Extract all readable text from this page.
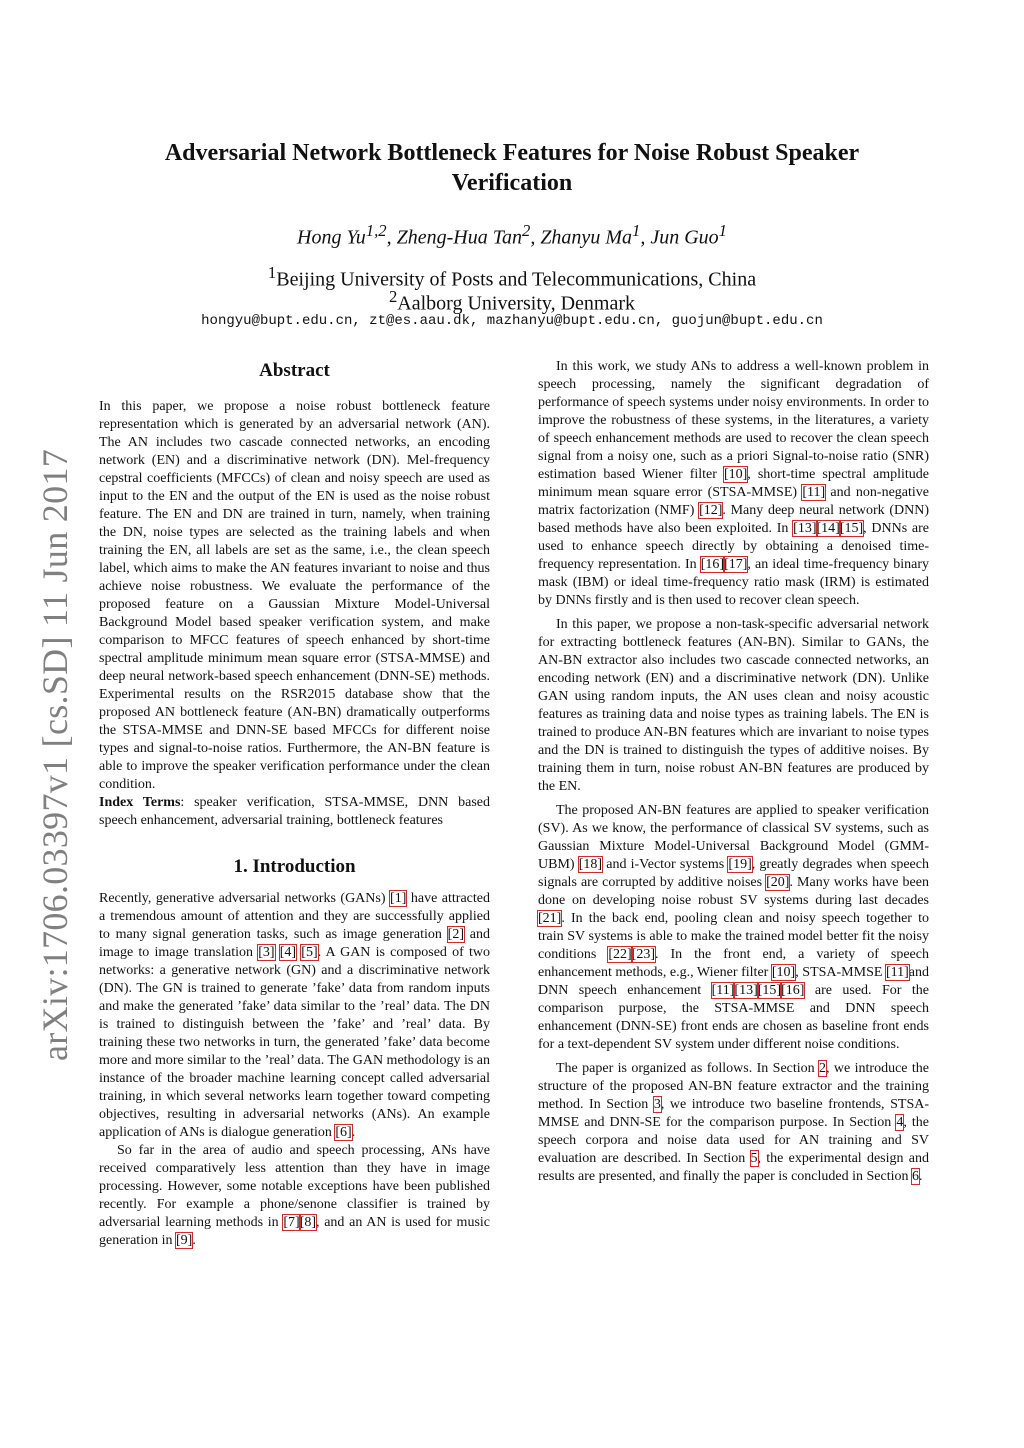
arXiv:1706.03397v1 [cs.SD] 11 Jun 2017
Adversarial Network Bottleneck Features for Noise Robust Speaker Verification
Hong Yu$^{1,2}$, Zheng-Hua Tan$^2$, Zhanyu Ma$^1$, Jun Guo$^1$
$^1$Beijing University of Posts and Telecommunications, China
$^2$Aalborg University, Denmark
hongyu@bupt.edu.cn, zt@es.aau.dk, mazhanyu@bupt.edu.cn, guojun@bupt.edu.cn
Abstract

In this paper, we propose a noise robust bottleneck feature representation which is generated by an adversarial network (AN). The AN includes two cascade connected networks, an encoding network (EN) and a discriminative network (DN). Mel-frequency cepstral coefficients (MFCCs) of clean and noisy speech are used as input to the EN and the output of the EN is used as the noise robust feature. The EN and DN are trained in turn, namely, when training the DN, noise types are selected as the training labels and when training the EN, all labels are set as the same, i.e., the clean speech label, which aims to make the AN features invariant to noise and thus achieve noise robustness. We evaluate the performance of the proposed feature on a Gaussian Mixture Model-Universal Background Model based speaker verification system, and make comparison to MFCC features of speech enhanced by short-time spectral amplitude minimum mean square error (STSA-MMSE) and deep neural network-based speech enhancement (DNN-SE) methods. Experimental results on the RSR2015 database show that the proposed AN bottleneck feature (AN-BN) dramatically outperforms the STSA-MMSE and DNN-SE based MFCCs for different noise types and signal-to-noise ratios. Furthermore, the AN-BN feature is able to improve the speaker verification performance under the clean condition.

Index Terms: speaker verification, STSA-MMSE, DNN based speech enhancement, adversarial training, bottleneck features

1. Introduction

Recently, generative adversarial networks (GANs) [1] have attracted a tremendous amount of attention and they are successfully applied to many signal generation tasks, such as image generation [2] and image to image translation [3] [4] [5]. A GAN is composed of two networks: a generative network (GN) and a discriminative network (DN). The GN is trained to generate ’fake’ data from random inputs and make the generated ’fake’ data similar to the ’real’ data. The DN is trained to distinguish between the ’fake’ and ’real’ data. By training these two networks in turn, the generated ’fake’ data become more and more similar to the ’real’ data. The GAN methodology is an instance of the broader machine learning concept called adversarial training, in which several networks learn together toward competing objectives, resulting in adversarial networks (ANs). An example application of ANs is dialogue generation [6].

So far in the area of audio and speech processing, ANs have received comparatively less attention than they have in image processing. However, some notable exceptions have been published recently. For example a phone/senone classifier is trained by adversarial learning methods in [7][8], and an AN is used for music generation in [9].

In this work, we study ANs to address a well-known problem in speech processing, namely the significant degradation of performance of speech systems under noisy environments. In order to improve the robustness of these systems, in the literatures, a variety of speech enhancement methods are used to recover the clean speech signal from a noisy one, such as a priori Signal-to-noise ratio (SNR) estimation based Wiener filter [10], short-time spectral amplitude minimum mean square error (STSA-MMSE) [11] and non-negative matrix factorization (NMF) [12]. Many deep neural network (DNN) based methods have also been exploited. In [13][14][15], DNNs are used to enhance speech directly by obtaining a denoised time-frequency representation. In [16][17], an ideal time-frequency binary mask (IBM) or ideal time-frequency ratio mask (IRM) is estimated by DNNs firstly and is then used to recover clean speech.

In this paper, we propose a non-task-specific adversarial network for extracting bottleneck features (AN-BN). Similar to GANs, the AN-BN extractor also includes two cascade connected networks, an encoding network (EN) and a discriminative network (DN). Unlike GAN using random inputs, the AN uses clean and noisy acoustic features as training data and noise types as training labels. The EN is trained to produce AN-BN features which are invariant to noise types and the DN is trained to distinguish the types of additive noises. By training them in turn, noise robust AN-BN features are produced by the EN.

The proposed AN-BN features are applied to speaker verification (SV). As we know, the performance of classical SV systems, such as Gaussian Mixture Model-Universal Background Model (GMM-UBM) [18] and i-Vector systems [19], greatly degrades when speech signals are corrupted by additive noises [20]. Many works have been done on developing noise robust SV systems during last decades [21]. In the back end, pooling clean and noisy speech together to train SV systems is able to make the trained model better fit the noisy conditions [22][23]. In the front end, a variety of speech enhancement methods, e.g., Wiener filter [10], STSA-MMSE [11]and DNN speech enhancement [11][13][15][16] are used. For the comparison purpose, the STSA-MMSE and DNN speech enhancement (DNN-SE) front ends are chosen as baseline front ends for a text-dependent SV system under different noise conditions.

The paper is organized as follows. In Section 2, we introduce the structure of the proposed AN-BN feature extractor and the training method. In Section 3, we introduce two baseline frontends, STSA-MMSE and DNN-SE for the comparison purpose. In Section 4, the speech corpora and noise data used for AN training and SV evaluation are described. In Section 5, the experimental design and results are presented, and finally the paper is concluded in Section 6.
